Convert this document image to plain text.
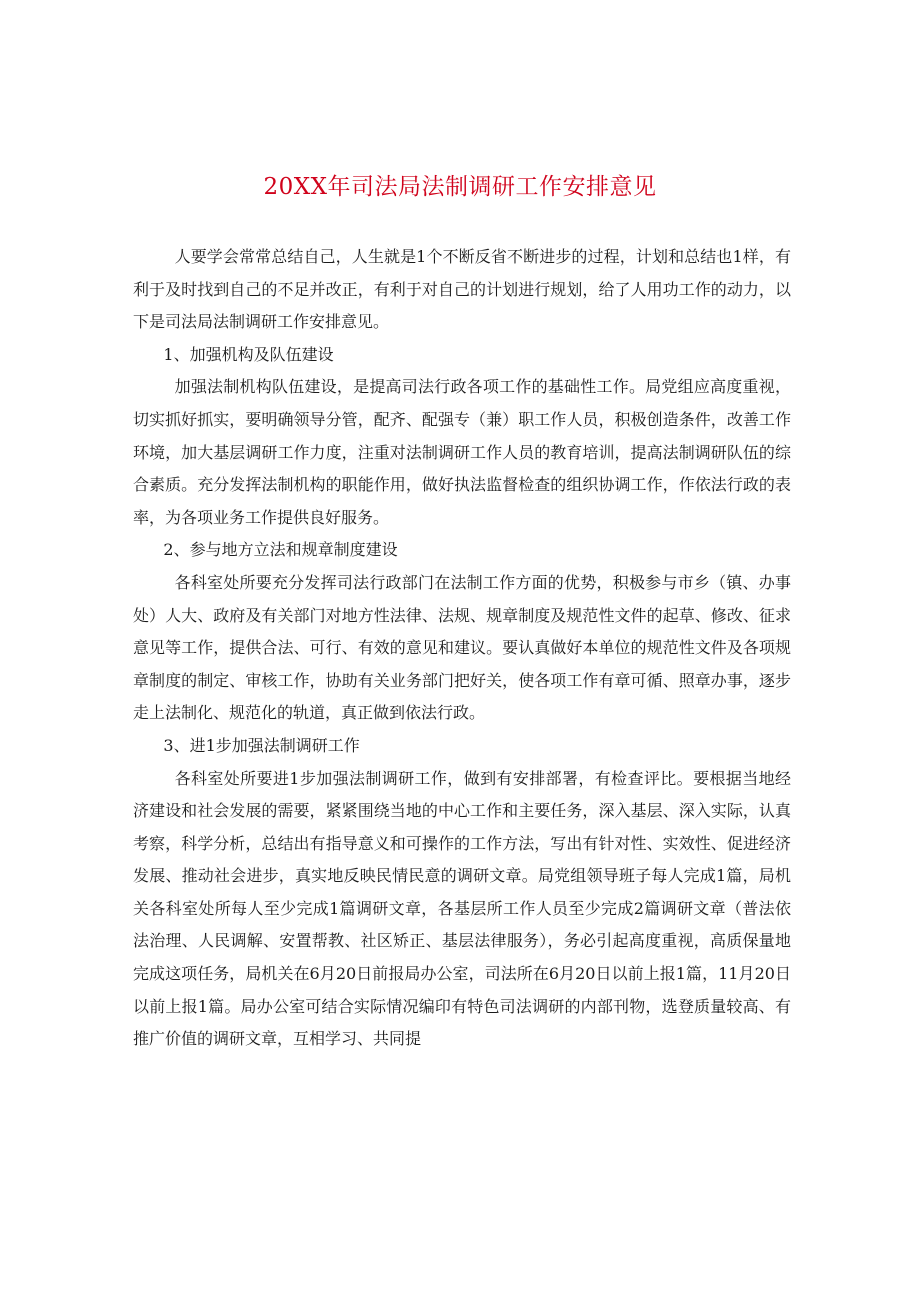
20XX年司法局法制调研工作安排意见

人要学会常常总结自己，人生就是1个不断反省不断进步的过程，计划和总结也1样，有利于及时找到自己的不足并改正，有利于对自己的计划进行规划，给了人用功工作的动力，以下是司法局法制调研工作安排意见。

1、加强机构及队伍建设

加强法制机构队伍建设，是提高司法行政各项工作的基础性工作。局党组应高度重视，切实抓好抓实，要明确领导分管，配齐、配强专（兼）职工作人员，积极创造条件，改善工作环境，加大基层调研工作力度，注重对法制调研工作人员的教育培训，提高法制调研队伍的综合素质。充分发挥法制机构的职能作用，做好执法监督检查的组织协调工作，作依法行政的表率，为各项业务工作提供良好服务。

2、参与地方立法和规章制度建设

各科室处所要充分发挥司法行政部门在法制工作方面的优势，积极参与市乡（镇、办事处）人大、政府及有关部门对地方性法律、法规、规章制度及规范性文件的起草、修改、征求意见等工作，提供合法、可行、有效的意见和建议。要认真做好本单位的规范性文件及各项规章制度的制定、审核工作，协助有关业务部门把好关，使各项工作有章可循、照章办事，逐步走上法制化、规范化的轨道，真正做到依法行政。

3、进1步加强法制调研工作

各科室处所要进1步加强法制调研工作，做到有安排部署，有检查评比。要根据当地经济建设和社会发展的需要，紧紧围绕当地的中心工作和主要任务，深入基层、深入实际，认真考察，科学分析，总结出有指导意义和可操作的工作方法，写出有针对性、实效性、促进经济发展、推动社会进步，真实地反映民情民意的调研文章。局党组领导班子每人完成1篇，局机关各科室处所每人至少完成1篇调研文章，各基层所工作人员至少完成2篇调研文章（普法依法治理、人民调解、安置帮教、社区矫正、基层法律服务），务必引起高度重视，高质保量地完成这项任务，局机关在6月20日前报局办公室，司法所在6月20日以前上报1篇，11月20日以前上报1篇。局办公室可结合实际情况编印有特色司法调研的内部刊物，选登质量较高、有推广价值的调研文章，互相学习、共同提
